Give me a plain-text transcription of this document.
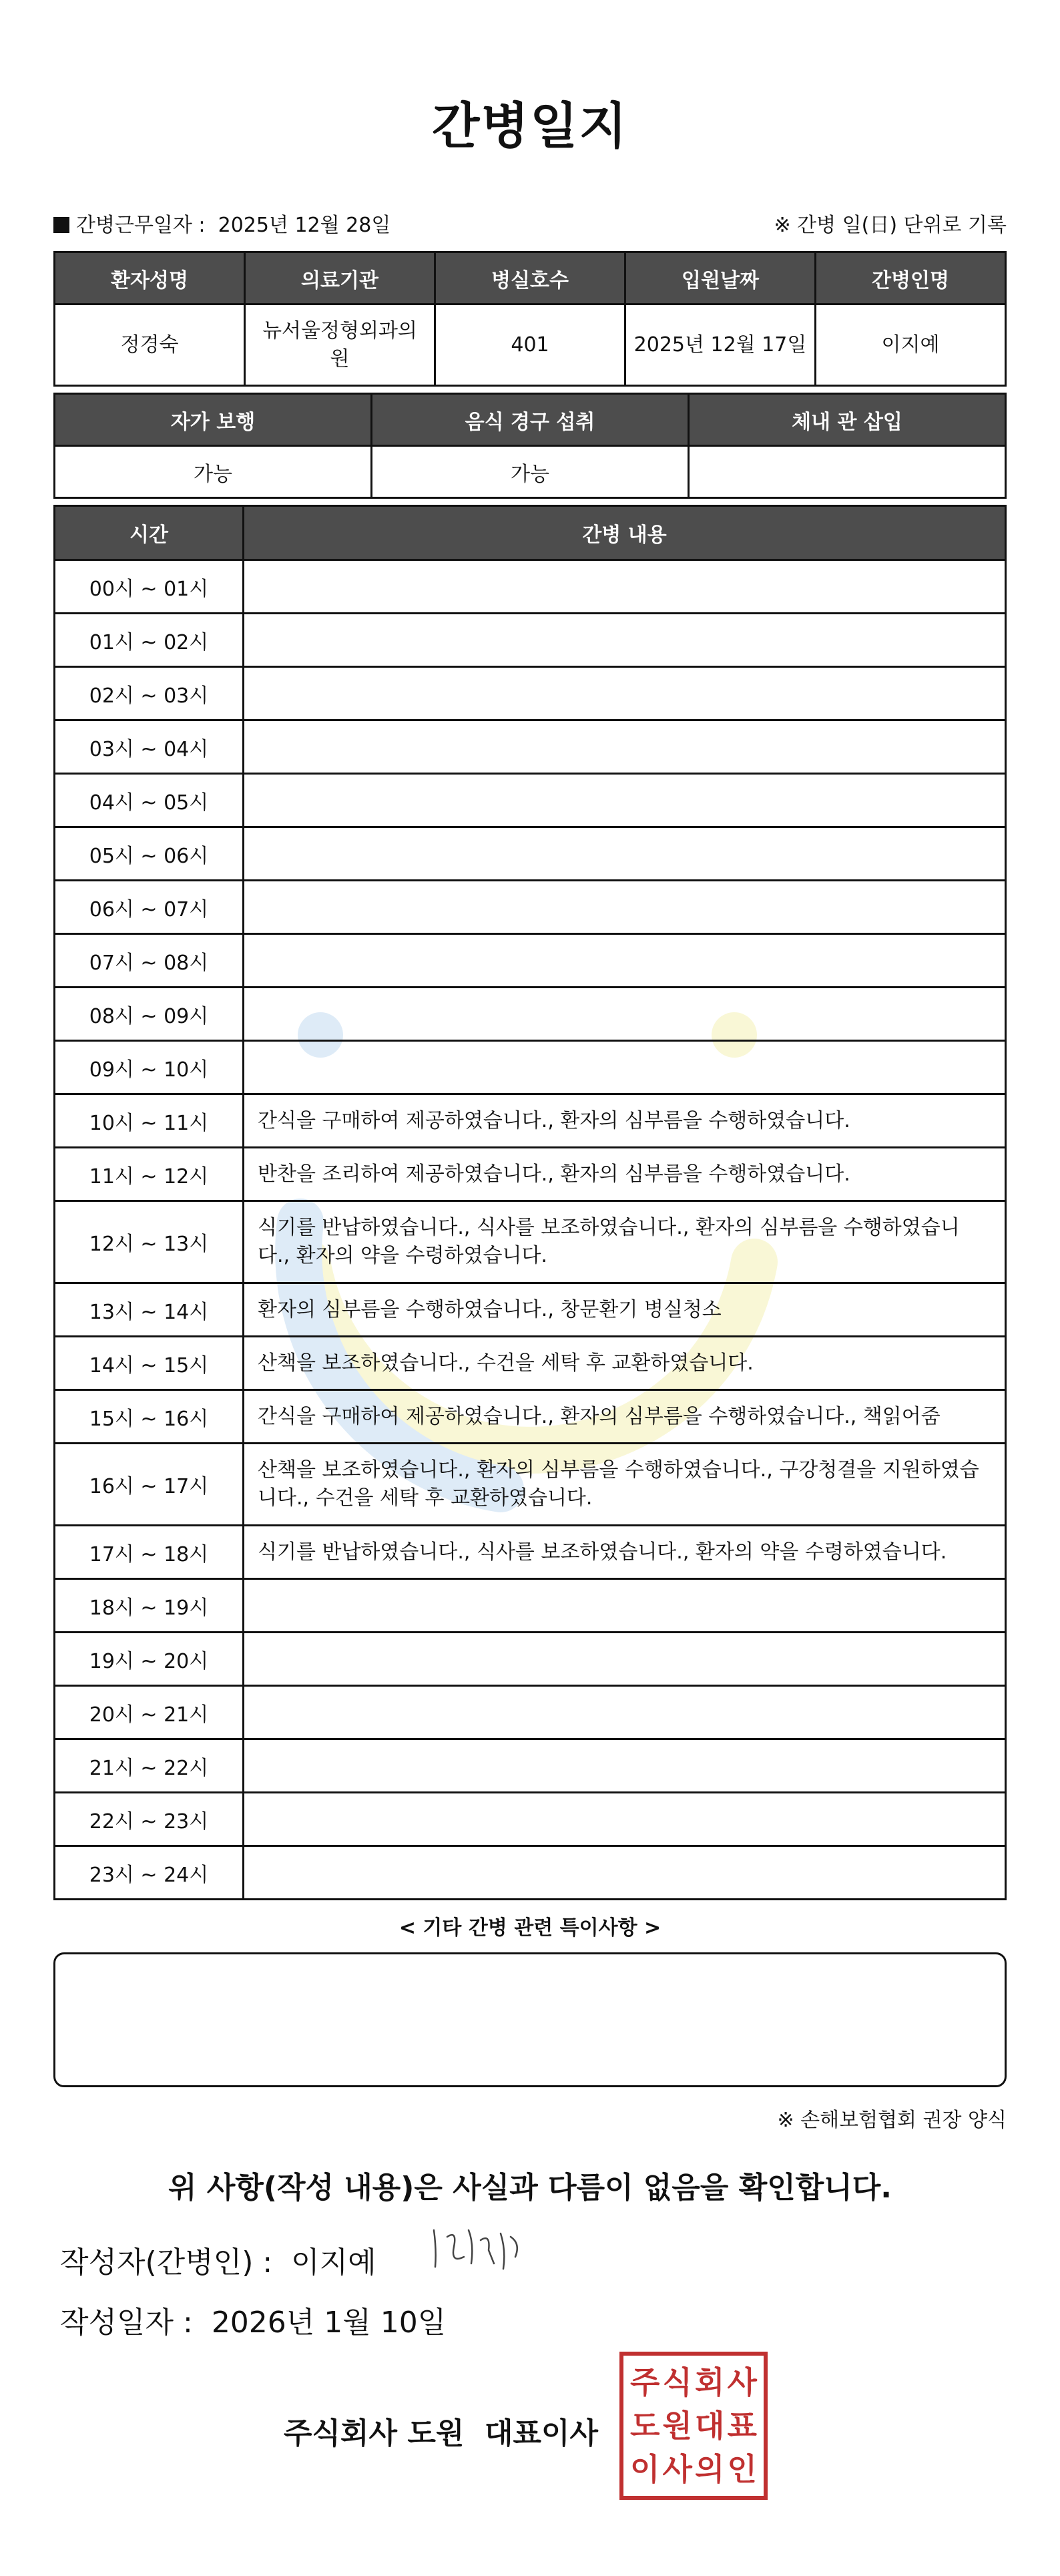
간병일지
간병근무일자 : 2025년 12월 28일	※ 간병 일(日) 단위로 기록
환자성명	의료기관	병실호수	입원날짜	간병인명
정경숙	뉴서울정형외과의원	401	2025년 12월 17일	이지예
자가 보행	음식 경구 섭취	체내 관 삽입
가능	가능	
시간	간병 내용
00시 ~ 01시	
01시 ~ 02시	
02시 ~ 03시	
03시 ~ 04시	
04시 ~ 05시	
05시 ~ 06시	
06시 ~ 07시	
07시 ~ 08시	
08시 ~ 09시	
09시 ~ 10시	
10시 ~ 11시	간식을 구매하여 제공하였습니다., 환자의 심부름을 수행하였습니다.
11시 ~ 12시	반찬을 조리하여 제공하였습니다., 환자의 심부름을 수행하였습니다.
12시 ~ 13시	식기를 반납하였습니다., 식사를 보조하였습니다., 환자의 심부름을 수행하였습니다., 환자의 약을 수령하였습니다.
13시 ~ 14시	환자의 심부름을 수행하였습니다., 창문환기 병실청소
14시 ~ 15시	산책을 보조하였습니다., 수건을 세탁 후 교환하였습니다.
15시 ~ 16시	간식을 구매하여 제공하였습니다., 환자의 심부름을 수행하였습니다., 책읽어줌
16시 ~ 17시	산책을 보조하였습니다., 환자의 심부름을 수행하였습니다., 구강청결을 지원하였습니다., 수건을 세탁 후 교환하였습니다.
17시 ~ 18시	식기를 반납하였습니다., 식사를 보조하였습니다., 환자의 약을 수령하였습니다.
18시 ~ 19시	
19시 ~ 20시	
20시 ~ 21시	
21시 ~ 22시	
22시 ~ 23시	
23시 ~ 24시	
< 기타 간병 관련 특이사항 >
※ 손해보험협회 권장 양식
위 사항(작성 내용)은 사실과 다름이 없음을 확인합니다.
작성자(간병인) : 이지예
작성일자 : 2026년 1월 10일
주식회사 도원  대표이사
주 식 회 사
도 원 대 표
이 사 의 인
